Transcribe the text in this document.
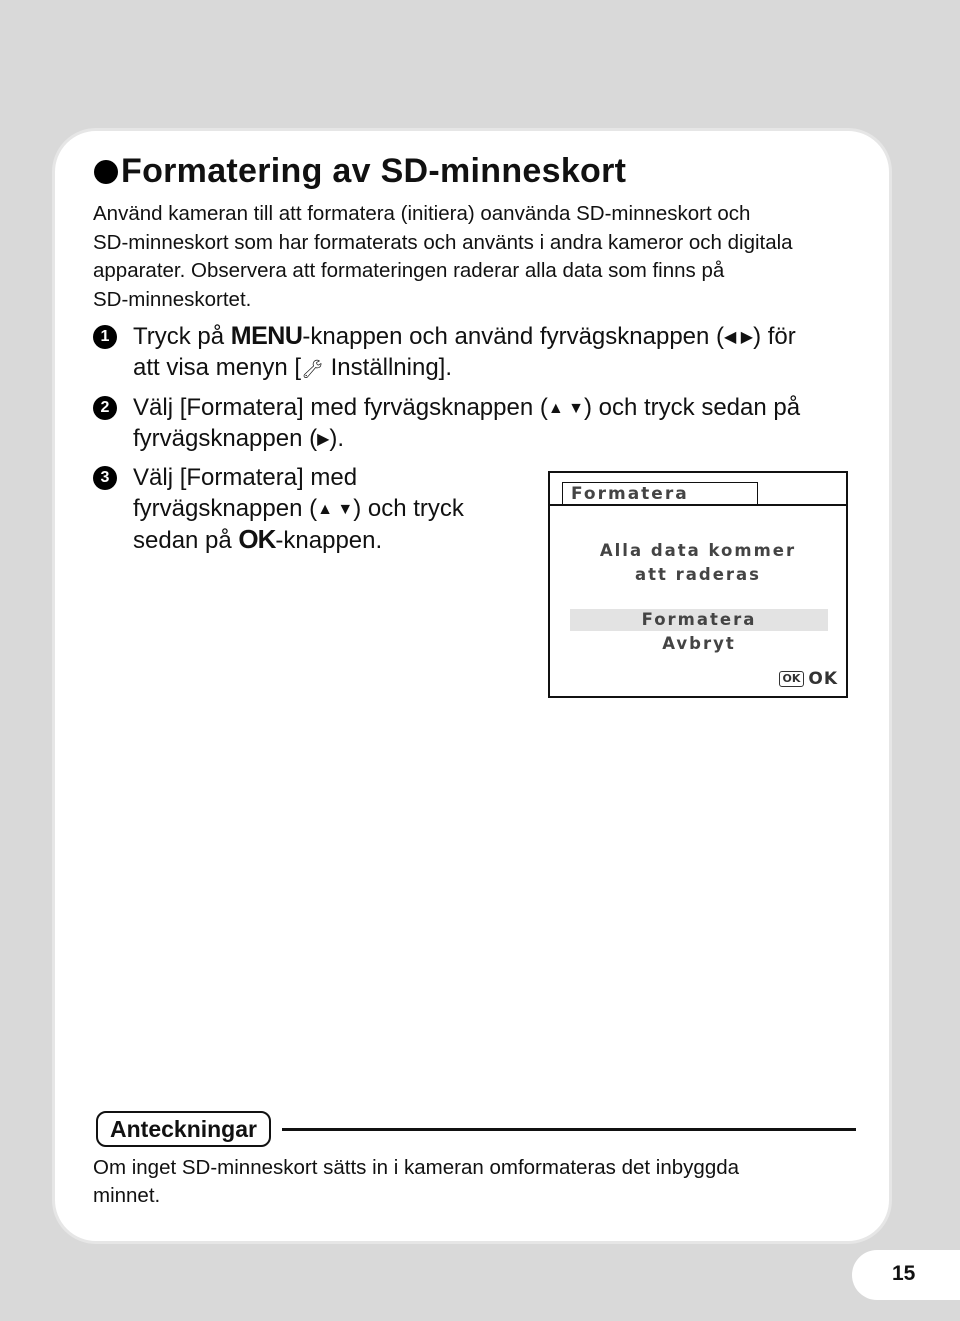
Formatering av SD-minneskort
Använd kameran till att formatera (initiera) oanvända SD-minneskort och
SD-minneskort som har formaterats och använts i andra kameror och digitala
apparater. Observera att formateringen raderar alla data som finns på
SD-minneskortet.
1 Tryck på MENU-knappen och använd fyrvägsknappen (◀ ▶) för
att visa menyn [🔧︎ Inställning].
2 Välj [Formatera] med fyrvägsknappen (▲ ▼) och tryck sedan på
fyrvägsknappen (▶).
3 Välj [Formatera] med
fyrvägsknappen (▲ ▼) och tryck
sedan på OK-knappen.
Formatera
Alla data kommer
att raderas
Formatera
Avbryt
OK OK
Anteckningar
Om inget SD-minneskort sätts in i kameran omformateras det inbyggda
minnet.
15
